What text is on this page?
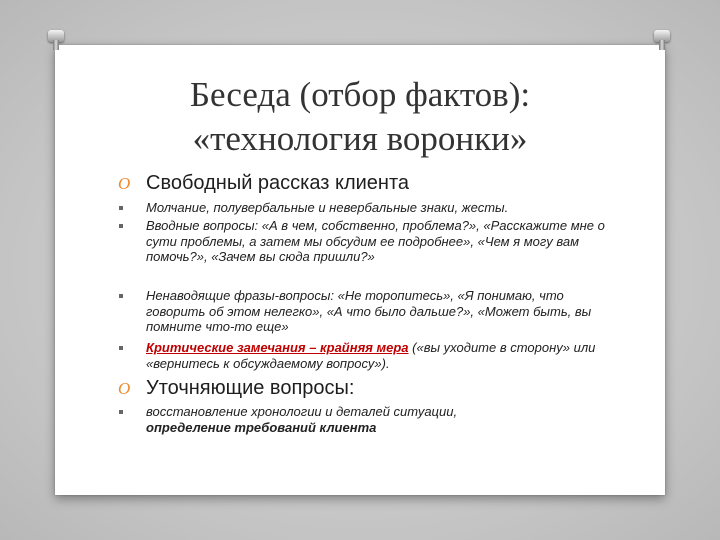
Беседа (отбор фактов):
«технология воронки»
O Свободный рассказ клиента
Молчание, полувербальные и невербальные знаки, жесты.
Вводные вопросы: «А в чем, собственно, проблема?», «Расскажите мне о сути проблемы, а затем мы обсудим ее подробнее», «Чем я могу вам помочь?», «Зачем вы сюда пришли?»
Ненаводящие фразы-вопросы: «Не торопитесь», «Я понимаю, что говорить об этом нелегко», «А что было дальше?», «Может быть, вы помните что-то еще»
Критические замечания – крайняя мера («вы уходите в сторону» или «вернитесь к обсуждаемому вопросу»).
O Уточняющие вопросы:
восстановление хронологии и деталей ситуации,
определение требований клиента
